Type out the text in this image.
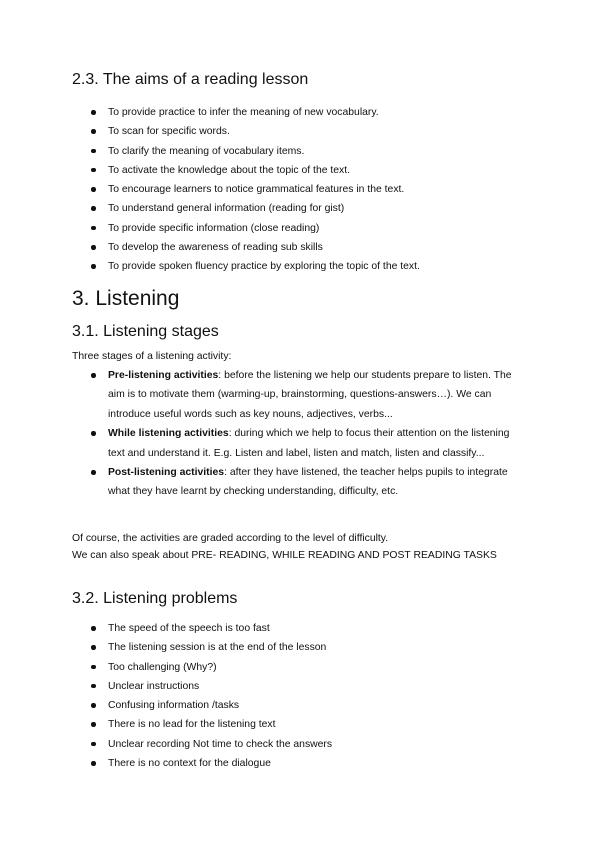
2.3. The aims of a reading lesson
To provide practice to infer the meaning of new vocabulary.
To scan for specific words.
To clarify the meaning of vocabulary items.
To activate the knowledge about the topic of the text.
To encourage learners to notice grammatical features in the text.
To understand general information (reading for gist)
To provide specific information (close reading)
To develop the awareness of reading sub skills
To provide spoken fluency practice by exploring the topic of the text.
3. Listening
3.1. Listening stages

Three stages of a listening activity:

Pre-listening activities: before the listening we help our students prepare to listen. The aim is to motivate them (warming-up, brainstorming, questions-answers…). We can introduce useful words such as key nouns, adjectives, verbs...
While listening activities: during which we help to focus their attention on the listening text and understand it. E.g. Listen and label, listen and match, listen and classify...
Post-listening activities: after they have listened, the teacher helps pupils to integrate what they have learnt by checking understanding, difficulty, etc.

Of course, the activities are graded according to the level of difficulty.

We can also speak about PRE- READING, WHILE READING AND POST READING TASKS

3.2. Listening problems
The speed of the speech is too fast
The listening session is at the end of the lesson
Too challenging (Why?)
Unclear instructions
Confusing information /tasks
There is no lead for the listening text
Unclear recording Not time to check the answers
There is no context for the dialogue
